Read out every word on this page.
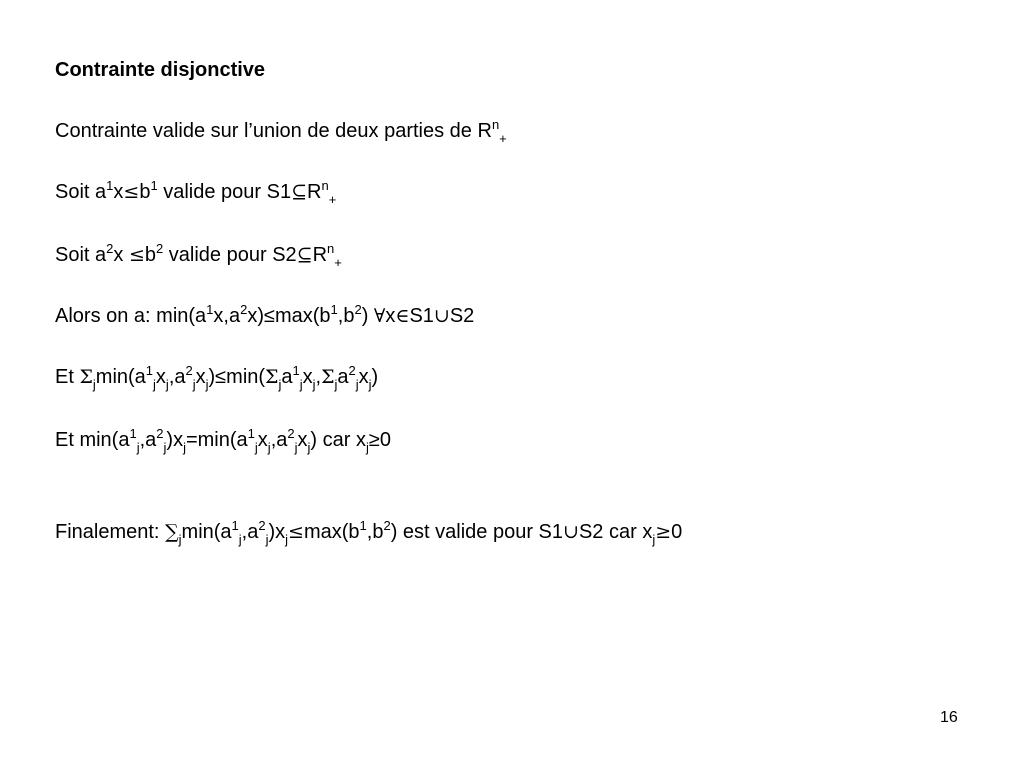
Contrainte disjonctive
Contrainte valide sur l’union de deux parties de $R^n_+$
Soit $a^1x\le b^1$ valide pour $S1⊆R^n_+$
Soit $a^2x \le b^2$ valide pour $S2⊆R^n_+$
Alors on a: $\min(a^1x,a^2x)\le\max(b^1,b^2)$ ∀x∈S1∪S2
Et $\Sigma_j\min(a^1_jx_j,a^2_jx_j)\le\min(\Sigma_ja^1_jx_j,\Sigma_ja^2_jx_j)$
Et $\min(a^1_j,a^2_j)x_j=\min(a^1_jx_j,a^2_jx_j)$ car $x_j\ge 0$
Finalement: $\sum_j\min(a^1_j,a^2_j)x_j\le\max(b^1,b^2)$ est valide pour S1∪S2 car $x_j\ge 0$
16
